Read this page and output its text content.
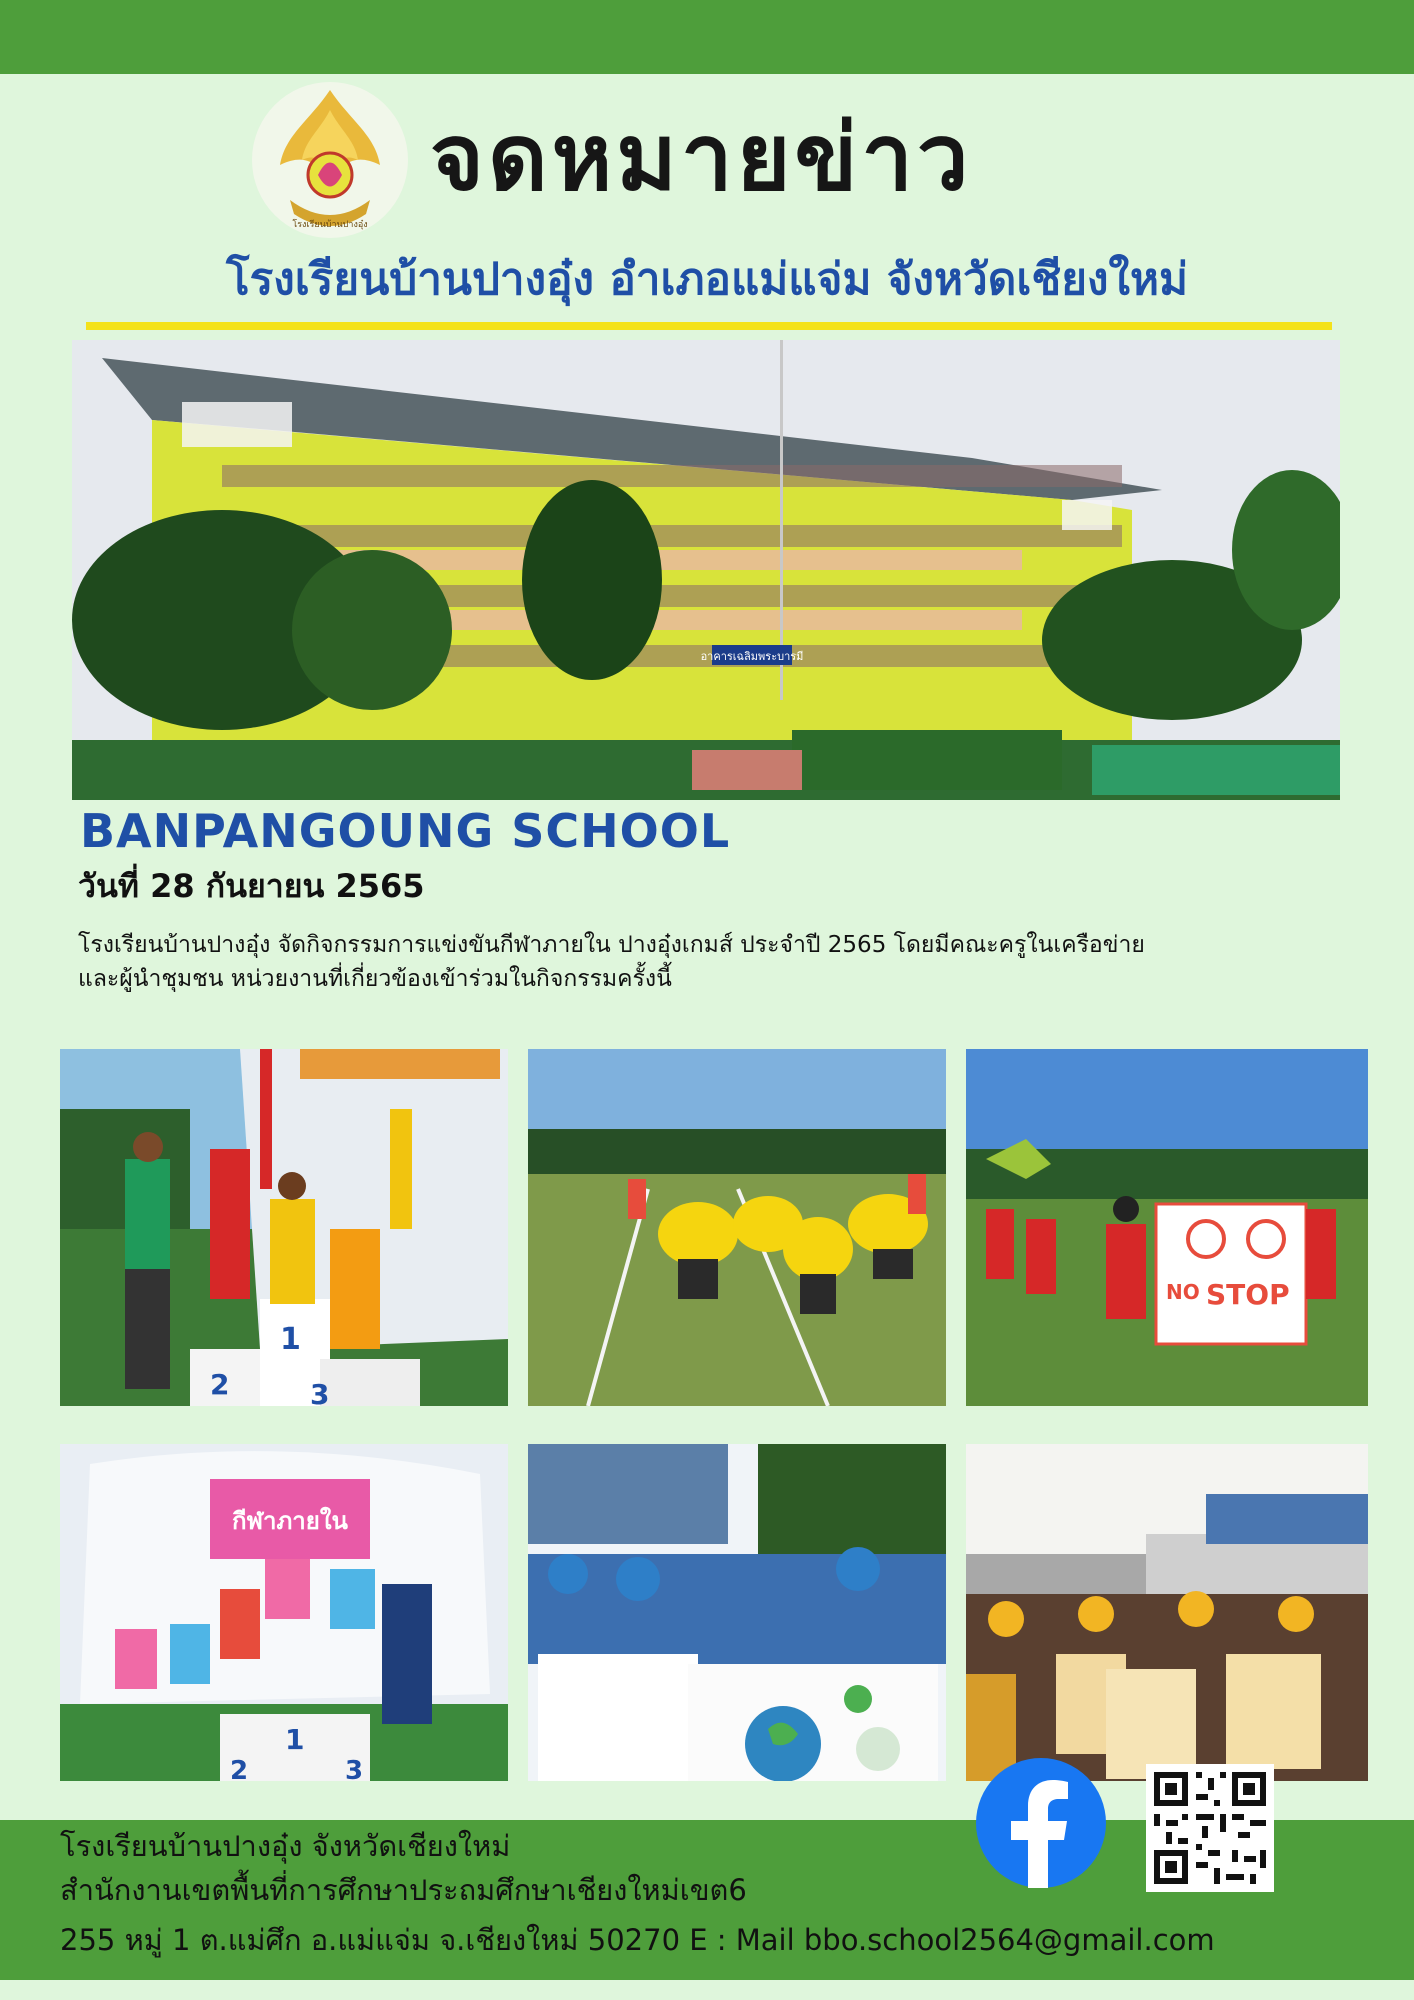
โรงเรียนบ้านปางอุ๋ง
จดหมายข่าว
โรงเรียนบ้านปางอุ๋ง อำเภอแม่แจ่ม จังหวัดเชียงใหม่
อาคารเฉลิมพระบารมี
BANPANGOUNG SCHOOL
วันที่ 28 กันยายน 2565
โรงเรียนบ้านปางอุ๋ง จัดกิจกรรมการแข่งขันกีฬาภายใน ปางอุ๋งเกมส์ ประจำปี 2565 โดยมีคณะครูในเครือข่าย
และผู้นำชุมชน หน่วยงานที่เกี่ยวข้องเข้าร่วมในกิจกรรมครั้งนี้
2
1
3
NO STOP
กีฬาภายใน
2
1
3
โรงเรียนบ้านปางอุ๋ง จังหวัดเชียงใหม่
สำนักงานเขตพื้นที่การศึกษาประถมศึกษาเชียงใหม่เขต6
255 หมู่ 1 ต.แม่ศึก อ.แม่แจ่ม จ.เชียงใหม่ 50270 E : Mail bbo.school2564@gmail.com
